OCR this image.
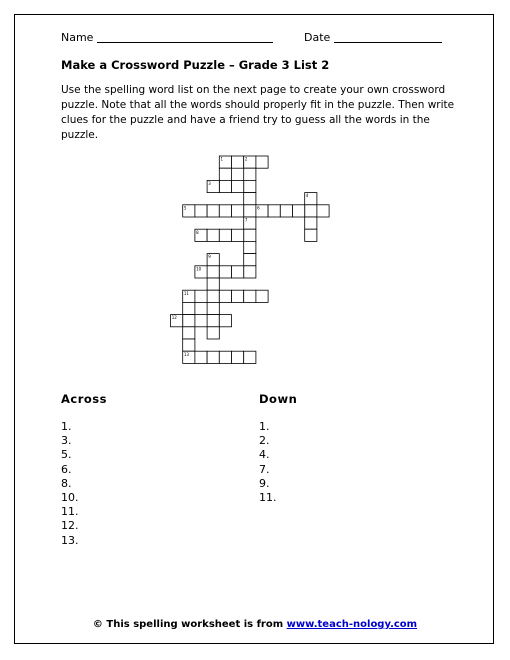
Name	Date
Make a Crossword Puzzle – Grade 3 List 2
Use the spelling word list on the next page to create your own crossword puzzle. Note that all the words should properly fit in the puzzle. Then write clues for the puzzle and have a friend try to guess all the words in the puzzle.
1	2
3
4
5	6
7
8
9
10
11
12
13
Across	Down
1.
3.
5.
6.
8.
10.
11.
12.
13.
1.
2.
4.
7.
9.
11.
© This spelling worksheet is from www.teach-nology.com
